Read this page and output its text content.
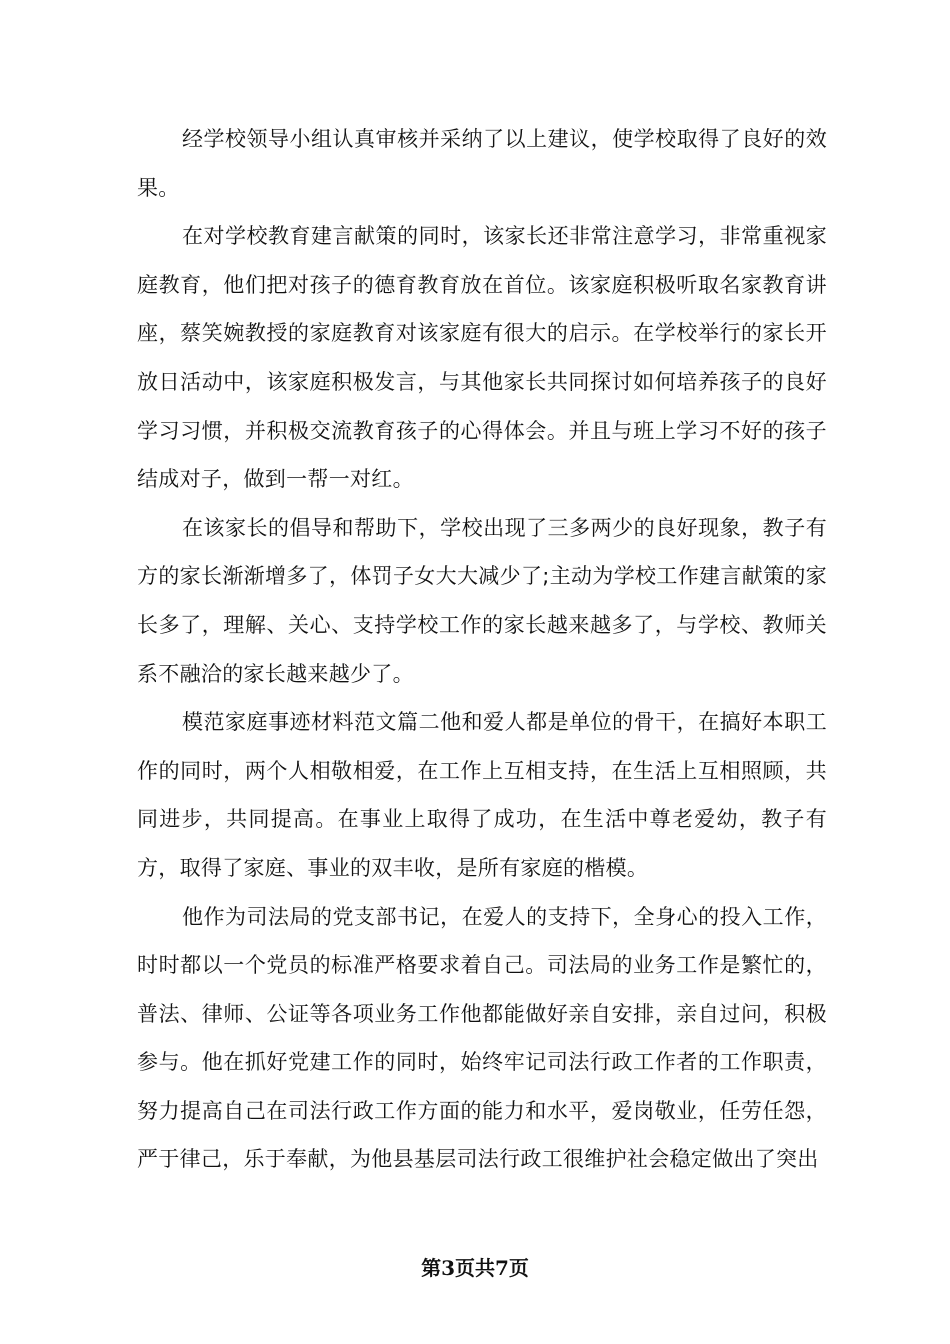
经学校领导小组认真审核并采纳了以上建议，使学校取得了良好的效果。

在对学校教育建言献策的同时，该家长还非常注意学习，非常重视家庭教育，他们把对孩子的德育教育放在首位。该家庭积极听取名家教育讲座，蔡笑婉教授的家庭教育对该家庭有很大的启示。在学校举行的家长开放日活动中，该家庭积极发言，与其他家长共同探讨如何培养孩子的良好学习习惯，并积极交流教育孩子的心得体会。并且与班上学习不好的孩子结成对子，做到一帮一对红。

在该家长的倡导和帮助下，学校出现了三多两少的良好现象，教子有方的家长渐渐增多了，体罚子女大大减少了;主动为学校工作建言献策的家长多了，理解、关心、支持学校工作的家长越来越多了，与学校、教师关系不融洽的家长越来越少了。

模范家庭事迹材料范文篇二他和爱人都是单位的骨干，在搞好本职工作的同时，两个人相敬相爱，在工作上互相支持，在生活上互相照顾，共同进步，共同提高。在事业上取得了成功，在生活中尊老爱幼，教子有方，取得了家庭、事业的双丰收，是所有家庭的楷模。

他作为司法局的党支部书记，在爱人的支持下，全身心的投入工作，时时都以一个党员的标准严格要求着自己。司法局的业务工作是繁忙的，普法、律师、公证等各项业务工作他都能做好亲自安排，亲自过问，积极参与。他在抓好党建工作的同时，始终牢记司法行政工作者的工作职责，努力提高自己在司法行政工作方面的能力和水平，爱岗敬业，任劳任怨，严于律己，乐于奉献，为他县基层司法行政工很维护社会稳定做出了突出

第3页共7页
